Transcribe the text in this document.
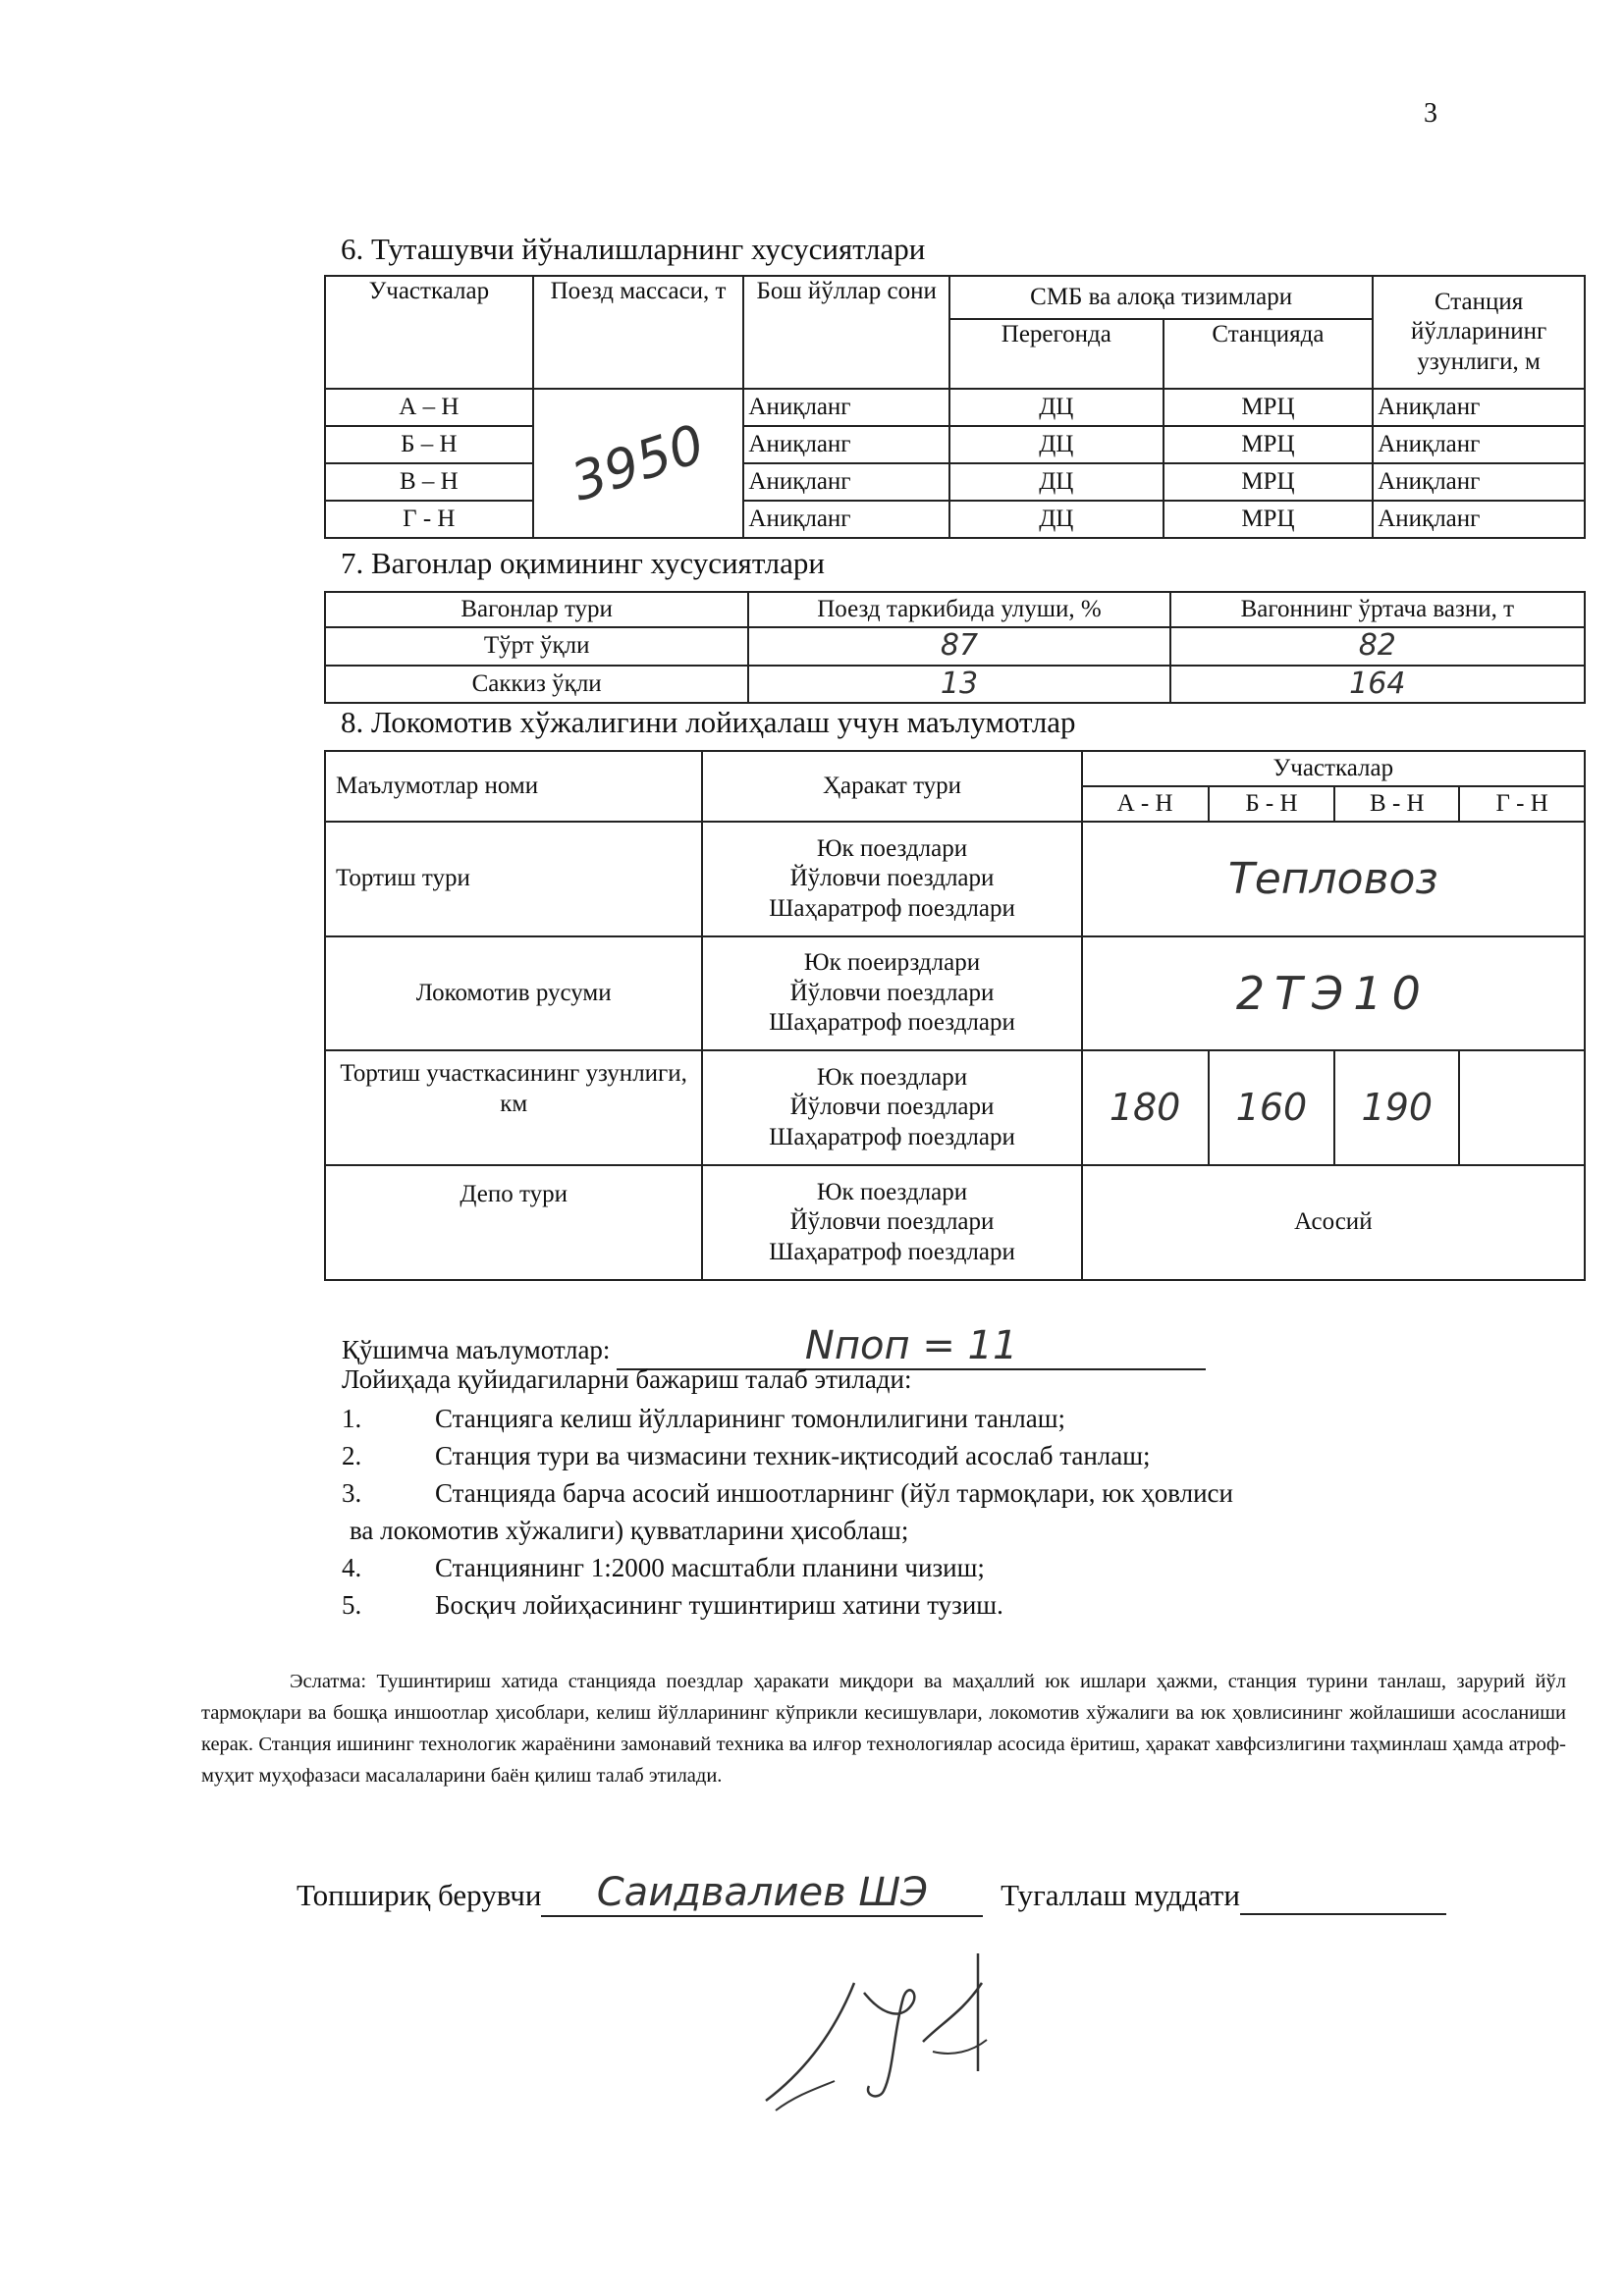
3
6. Туташувчи йўналишларнинг хусусиятлари
Участкалар	Поезд массаси, т	Бош йўллар сони	СМБ ва алоқа тизимлари		Станция йўлларининг узунлиги, м
			Перегонда	Станцияда	
А – Н	3950	Аниқланг	ДЦ	МРЦ	Аниқланг
Б – Н		Аниқланг	ДЦ	МРЦ	Аниқланг
В – Н		Аниқланг	ДЦ	МРЦ	Аниқланг
Г - Н		Аниқланг	ДЦ	МРЦ	Аниқланг
7. Вагонлар оқимининг хусусиятлари
Вагонлар тури	Поезд таркибида улуши, %	Вагоннинг ўртача вазни, т
Тўрт ўқли	87	82
Саккиз ўқли	13	164
8. Локомотив хўжалигини лойиҳалаш учун маълумотлар
Маълумотлар номи	Ҳаракат тури	Участкалар			
		А - Н	Б - Н	В - Н	Г - Н
Тортиш тури	Юк поездлари
Йўловчи поездлари
Шаҳаратроф поездлари	Тепловоз			
Локомотив русуми	Юк поеирздлари
Йўловчи поездлари
Шаҳаратроф поездлари	2ТЭ10			
Тортиш участкасининг узунлиги, км	Юк поездлари
Йўловчи поездлари
Шаҳаратроф поездлари	180	160	190	
Депо тури	Юк поездлари
Йўловчи поездлари
Шаҳаратроф поездлари	Асосий			
Қўшимча маълумотлар:	Nпоп = 11
Лойиҳада қуйидагиларни бажариш талаб этилади:
1.	Станцияга келиш йўлларининг томонлилигини танлаш;
2.	Станция тури ва чизмасини техник-иқтисодий асослаб танлаш;
3.	Станцияда барча асосий иншоотларнинг (йўл тармоқлари, юк ҳовлиси
ва локомотив хўжалиги) қувватларини ҳисоблаш;
4.	Станциянинг 1:2000 масштабли планини чизиш;
5.	Босқич лойиҳасининг тушинтириш хатини тузиш.
Эслатма: Тушинтириш хатида станцияда поездлар ҳаракати миқдори ва маҳаллий юк ишлари ҳажми, станция турини танлаш, зарурий йўл тармоқлари ва бошқа иншоотлар ҳисоблари, келиш йўлларининг кўприкли кесишувлари, локомотив хўжалиги ва юк ҳовлисининг жойлашиши асосланиши керак. Станция ишининг технологик жараёнини замонавий техника ва илғор технологиялар асосида ёритиш, ҳаракат хавфсизлигини таҳминлаш ҳамда атроф-муҳит муҳофазаси масалаларини баён қилиш талаб этилади.
Топшириқ берувчи Саидвалиев ШЭ Тугаллаш муддати
